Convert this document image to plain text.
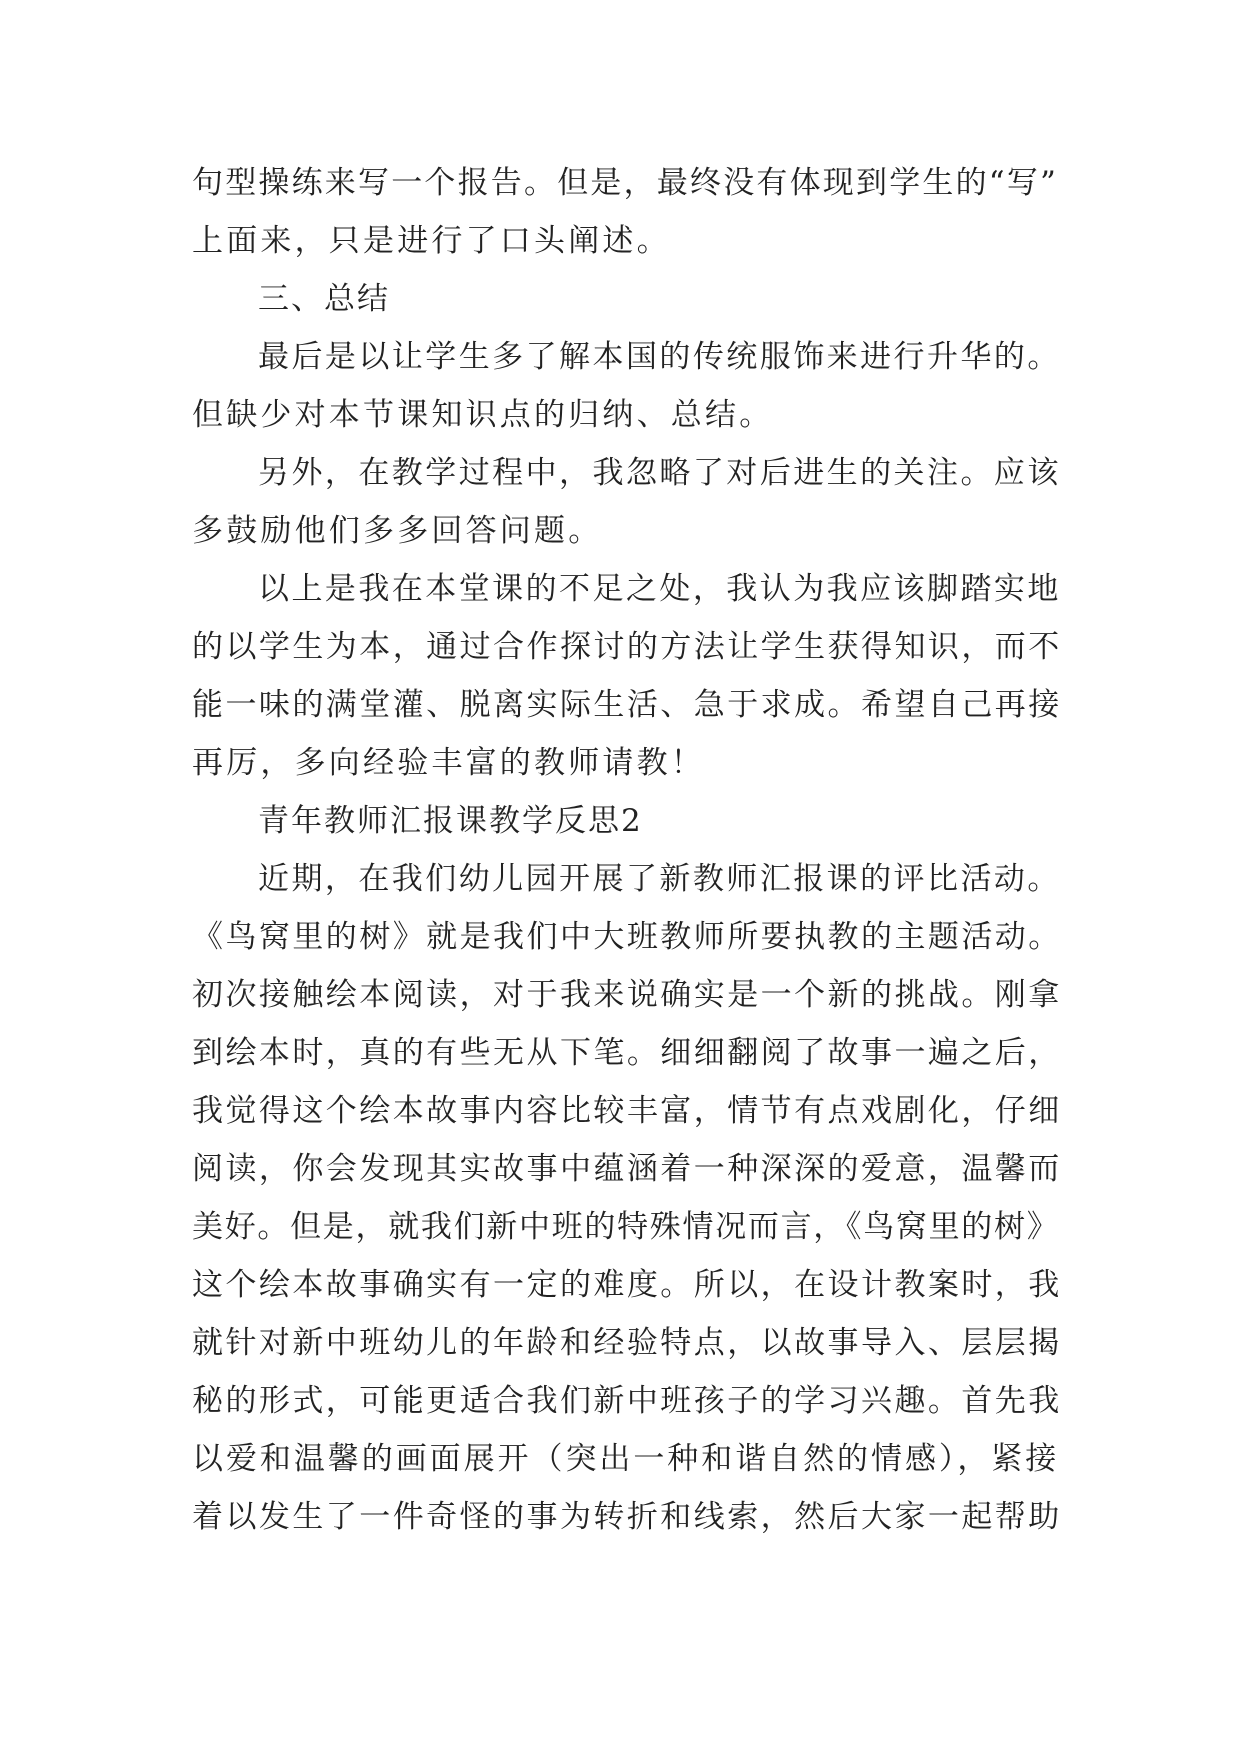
句型操练来写一个报告。但是，最终没有体现到学生的“写”
上面来，只是进行了口头阐述。
三、总结
最后是以让学生多了解本国的传统服饰来进行升华的。
但缺少对本节课知识点的归纳、总结。
另外，在教学过程中，我忽略了对后进生的关注。应该
多鼓励他们多多回答问题。
以上是我在本堂课的不足之处，我认为我应该脚踏实地
的以学生为本，通过合作探讨的方法让学生获得知识，而不
能一味的满堂灌、脱离实际生活、急于求成。希望自己再接
再厉，多向经验丰富的教师请教！
青年教师汇报课教学反思2
近期，在我们幼儿园开展了新教师汇报课的评比活动。
《鸟窝里的树》就是我们中大班教师所要执教的主题活动。
初次接触绘本阅读，对于我来说确实是一个新的挑战。刚拿
到绘本时，真的有些无从下笔。细细翻阅了故事一遍之后，
我觉得这个绘本故事内容比较丰富，情节有点戏剧化，仔细
阅读，你会发现其实故事中蕴涵着一种深深的爱意，温馨而
美好。但是，就我们新中班的特殊情况而言，《鸟窝里的树》
这个绘本故事确实有一定的难度。所以，在设计教案时，我
就针对新中班幼儿的年龄和经验特点，以故事导入、层层揭
秘的形式，可能更适合我们新中班孩子的学习兴趣。首先我
以爱和温馨的画面展开（突出一种和谐自然的情感），紧接
着以发生了一件奇怪的事为转折和线索，然后大家一起帮助
